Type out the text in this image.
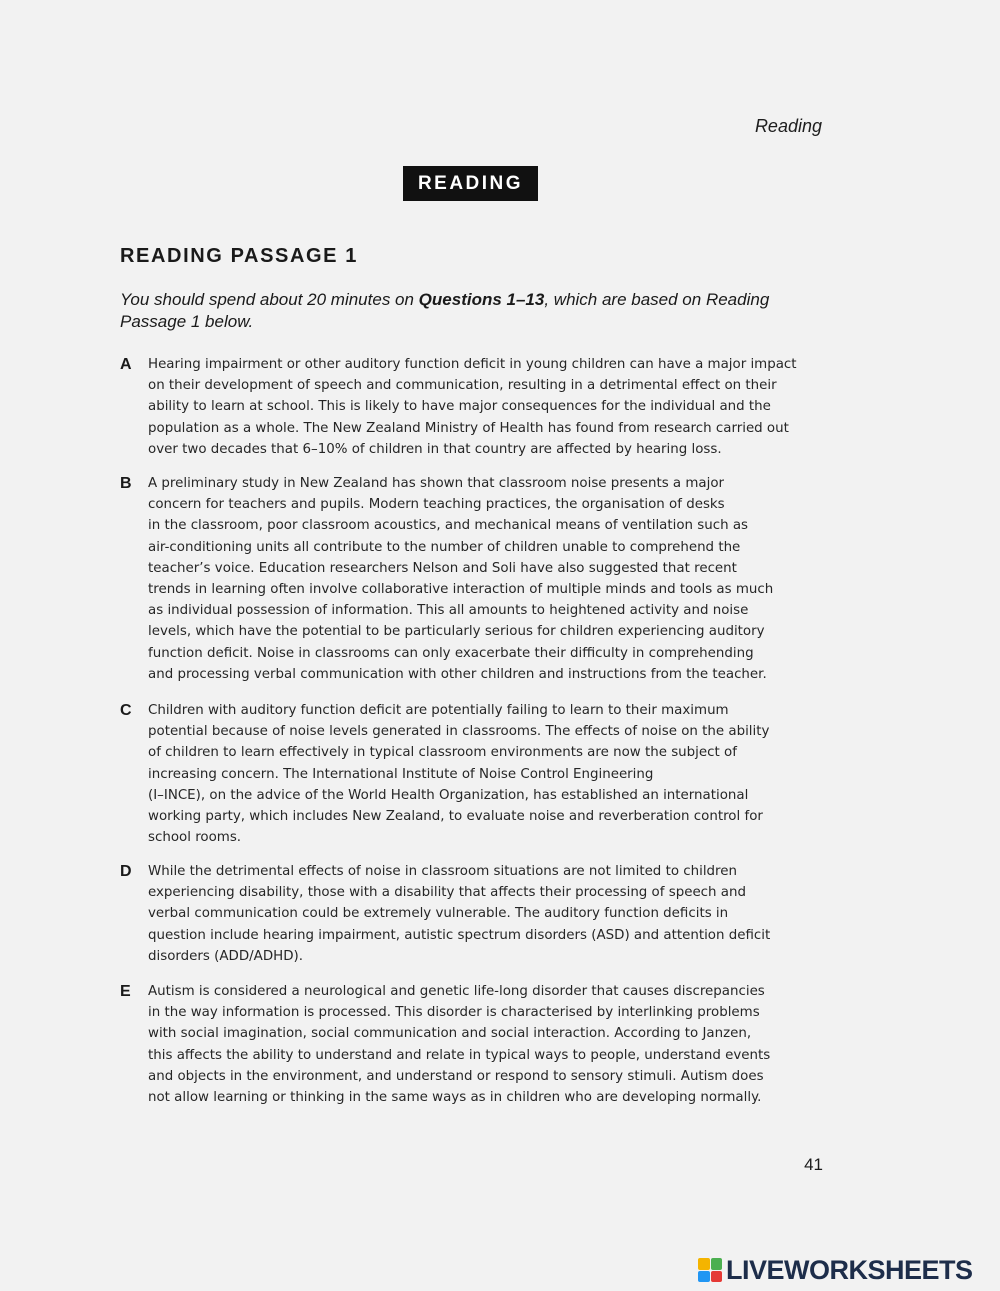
Reading
READING
READING PASSAGE 1
You should spend about 20 minutes on Questions 1–13, which are based on Reading
Passage 1 below.
A Hearing impairment or other auditory function deficit in young children can have a major impact
on their development of speech and communication, resulting in a detrimental effect on their
ability to learn at school. This is likely to have major consequences for the individual and the
population as a whole. The New Zealand Ministry of Health has found from research carried out
over two decades that 6–10% of children in that country are affected by hearing loss.
B A preliminary study in New Zealand has shown that classroom noise presents a major
concern for teachers and pupils. Modern teaching practices, the organisation of desks
in the classroom, poor classroom acoustics, and mechanical means of ventilation such as
air-conditioning units all contribute to the number of children unable to comprehend the
teacher’s voice. Education researchers Nelson and Soli have also suggested that recent
trends in learning often involve collaborative interaction of multiple minds and tools as much
as individual possession of information. This all amounts to heightened activity and noise
levels, which have the potential to be particularly serious for children experiencing auditory
function deficit. Noise in classrooms can only exacerbate their difficulty in comprehending
and processing verbal communication with other children and instructions from the teacher.
C Children with auditory function deficit are potentially failing to learn to their maximum
potential because of noise levels generated in classrooms. The effects of noise on the ability
of children to learn effectively in typical classroom environments are now the subject of
increasing concern. The International Institute of Noise Control Engineering
(I–INCE), on the advice of the World Health Organization, has established an international
working party, which includes New Zealand, to evaluate noise and reverberation control for
school rooms.
D While the detrimental effects of noise in classroom situations are not limited to children
experiencing disability, those with a disability that affects their processing of speech and
verbal communication could be extremely vulnerable. The auditory function deficits in
question include hearing impairment, autistic spectrum disorders (ASD) and attention deficit
disorders (ADD/ADHD).
E Autism is considered a neurological and genetic life-long disorder that causes discrepancies
in the way information is processed. This disorder is characterised by interlinking problems
with social imagination, social communication and social interaction. According to Janzen,
this affects the ability to understand and relate in typical ways to people, understand events
and objects in the environment, and understand or respond to sensory stimuli. Autism does
not allow learning or thinking in the same ways as in children who are developing normally.
41
LIVEWORKSHEETS
